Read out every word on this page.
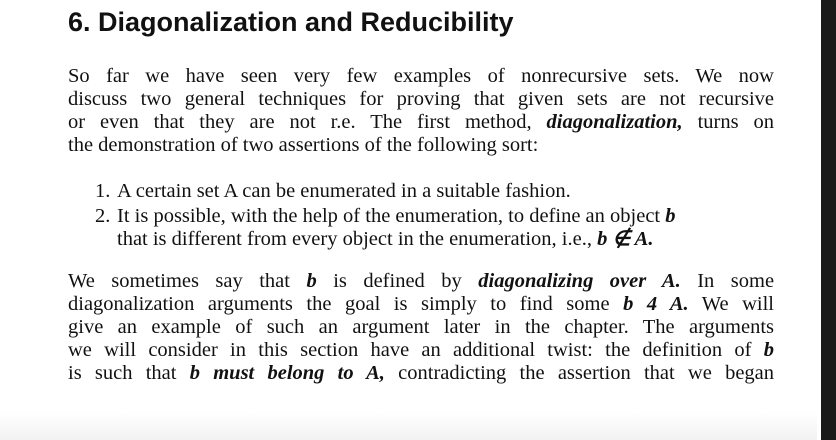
6. Diagonalization and Reducibility
So far we have seen very few examples of nonrecursive sets. We now
discuss two general techniques for proving that given sets are not recursive
or even that they are not r.e. The first method, diagonalization, turns on
the demonstration of two assertions of the following sort:
1. A certain set A can be enumerated in a suitable fashion.
2. It is possible, with the help of the enumeration, to define an object b
that is different from every object in the enumeration, i.e., b ∉ A.
We sometimes say that b is defined by diagonalizing over A. In some
diagonalization arguments the goal is simply to find some b 4 A. We will
give an example of such an argument later in the chapter. The arguments
we will consider in this section have an additional twist: the definition of b
is such that b must belong to A, contradicting the assertion that we began
